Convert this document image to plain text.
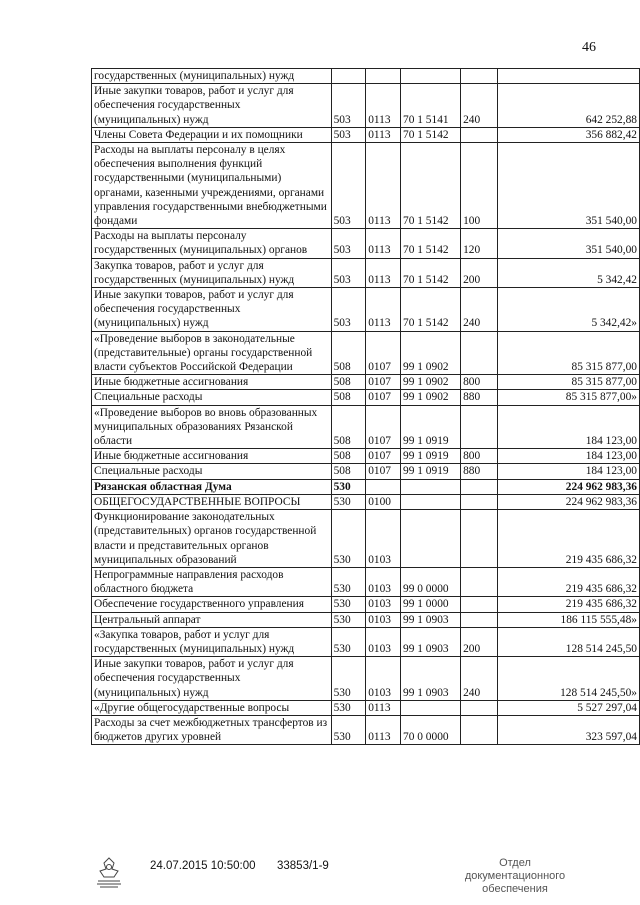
46
государственных (муниципальных) нужд					
Иные закупки товаров, работ и услуг для обеспечения государственных (муниципальных) нужд	503	0113	70 1 5141	240	642 252,88
Члены Совета Федерации и их помощники	503	0113	70 1 5142		356 882,42
Расходы на выплаты персоналу в целях обеспечения выполнения функций государственными (муниципальными) органами, казенными учреждениями, органами управления государственными внебюджетными фондами	503	0113	70 1 5142	100	351 540,00
Расходы на выплаты персоналу государственных (муниципальных) органов	503	0113	70 1 5142	120	351 540,00
Закупка товаров, работ и услуг для государственных (муниципальных) нужд	503	0113	70 1 5142	200	5 342,42
Иные закупки товаров, работ и услуг для обеспечения государственных (муниципальных) нужд	503	0113	70 1 5142	240	5 342,42»
«Проведение выборов в законодательные (представительные) органы государственной власти субъектов Российской Федерации	508	0107	99 1 0902		85 315 877,00
Иные бюджетные ассигнования	508	0107	99 1 0902	800	85 315 877,00
Специальные расходы	508	0107	99 1 0902	880	85 315 877,00»
«Проведение выборов во вновь образованных муниципальных образованиях Рязанской области	508	0107	99 1 0919		184 123,00
Иные бюджетные ассигнования	508	0107	99 1 0919	800	184 123,00
Специальные расходы	508	0107	99 1 0919	880	184 123,00
Рязанская областная Дума	530				224 962 983,36
ОБЩЕГОСУДАРСТВЕННЫЕ ВОПРОСЫ	530	0100			224 962 983,36
Функционирование законодательных (представительных) органов государственной власти и представительных органов муниципальных образований	530	0103			219 435 686,32
Непрограммные направления расходов областного бюджета	530	0103	99 0 0000		219 435 686,32
Обеспечение государственного управления	530	0103	99 1 0000		219 435 686,32
Центральный аппарат	530	0103	99 1 0903		186 115 555,48»
«Закупка товаров, работ и услуг для государственных (муниципальных) нужд	530	0103	99 1 0903	200	128 514 245,50
Иные закупки товаров, работ и услуг для обеспечения государственных (муниципальных) нужд	530	0103	99 1 0903	240	128 514 245,50»
«Другие общегосударственные вопросы	530	0113			5 527 297,04
Расходы за счет межбюджетных трансфертов из бюджетов других уровней	530	0113	70 0 0000		323 597,04
24.07.2015 10:50:00 33853/1-9	Отдел документационного обеспечения
